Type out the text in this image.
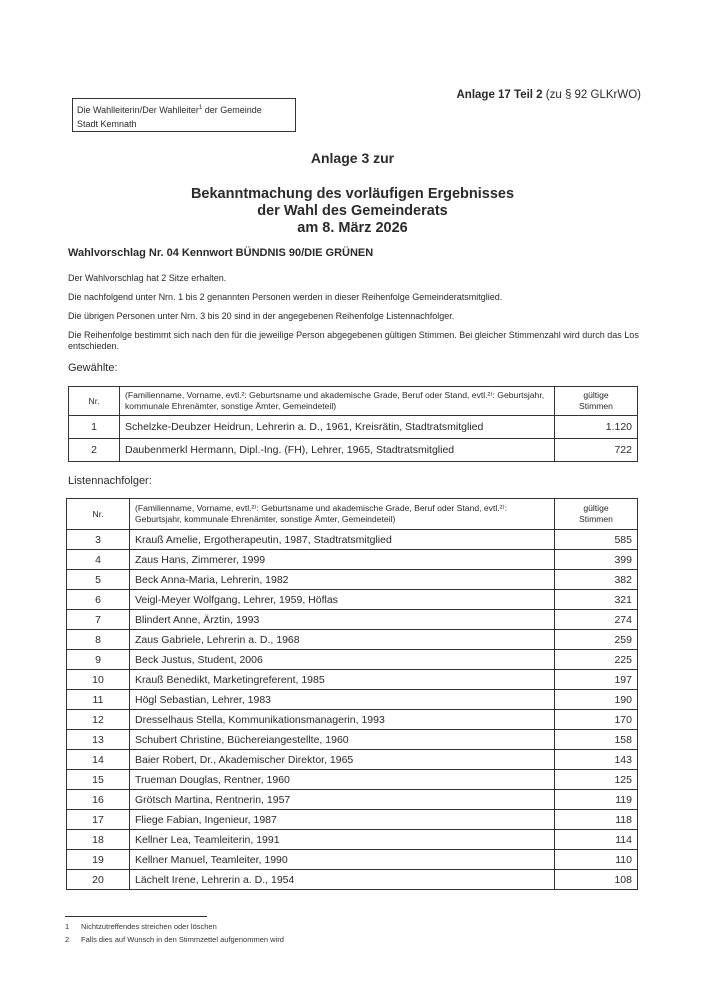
Anlage 17 Teil 2 (zu § 92 GLKrWO)
Die Wahlleiterin/Der Wahlleiter$^1$ der Gemeinde
Stadt Kemnath
Anlage 3 zur
Bekanntmachung des vorläufigen Ergebnisses
der Wahl des Gemeinderats
am 8. März 2026
Wahlvorschlag Nr. 04 Kennwort BÜNDNIS 90/DIE GRÜNEN
Der Wahlvorschlag hat 2 Sitze erhalten.
Die nachfolgend unter Nrn. 1 bis 2 genannten Personen werden in dieser Reihenfolge Gemeinderatsmitglied.
Die übrigen Personen unter Nrn. 3 bis 20 sind in der angegebenen Reihenfolge Listennachfolger.
Die Reihenfolge bestimmt sich nach den für die jeweilige Person abgegebenen gültigen Stimmen. Bei gleicher Stimmenzahl wird durch das Los entschieden.
Gewählte:
Nr.	(Familienname, Vorname, evtl.²: Geburtsname und akademische Grade, Beruf oder Stand, evtl.²⁾: Geburtsjahr, kommunale Ehrenämter, sonstige Ämter, Gemeindeteil)	gültige
Stimmen
1	Schelzke-Deubzer Heidrun, Lehrerin a. D., 1961, Kreisrätin, Stadtratsmitglied	1.120
2	Daubenmerkl Hermann, Dipl.-Ing. (FH), Lehrer, 1965, Stadtratsmitglied	722
Listennachfolger:
Nr.	(Familienname, Vorname, evtl.²⁾: Geburtsname und akademische Grade, Beruf oder Stand, evtl.²⁾: Geburtsjahr, kommunale Ehrenämter, sonstige Ämter, Gemeindeteil)	gültige
Stimmen
3	Krauß Amelie, Ergotherapeutin, 1987, Stadtratsmitglied	585
4	Zaus Hans, Zimmerer, 1999	399
5	Beck Anna-Maria, Lehrerin, 1982	382
6	Veigl-Meyer Wolfgang, Lehrer, 1959, Höflas	321
7	Blindert Anne, Ärztin, 1993	274
8	Zaus Gabriele, Lehrerin a. D., 1968	259
9	Beck Justus, Student, 2006	225
10	Krauß Benedikt, Marketingreferent, 1985	197
11	Högl Sebastian, Lehrer, 1983	190
12	Dresselhaus Stella, Kommunikationsmanagerin, 1993	170
13	Schubert Christine, Büchereiangestellte, 1960	158
14	Baier Robert, Dr., Akademischer Direktor, 1965	143
15	Trueman Douglas, Rentner, 1960	125
16	Grötsch Martina, Rentnerin, 1957	119
17	Fliege Fabian, Ingenieur, 1987	118
18	Kellner Lea, Teamleiterin, 1991	114
19	Kellner Manuel, Teamleiter, 1990	110
20	Lächelt Irene, Lehrerin a. D., 1954	108
1 Nichtzutreffendes streichen oder löschen
2 Falls dies auf Wunsch in den Stimmzettel aufgenommen wird
